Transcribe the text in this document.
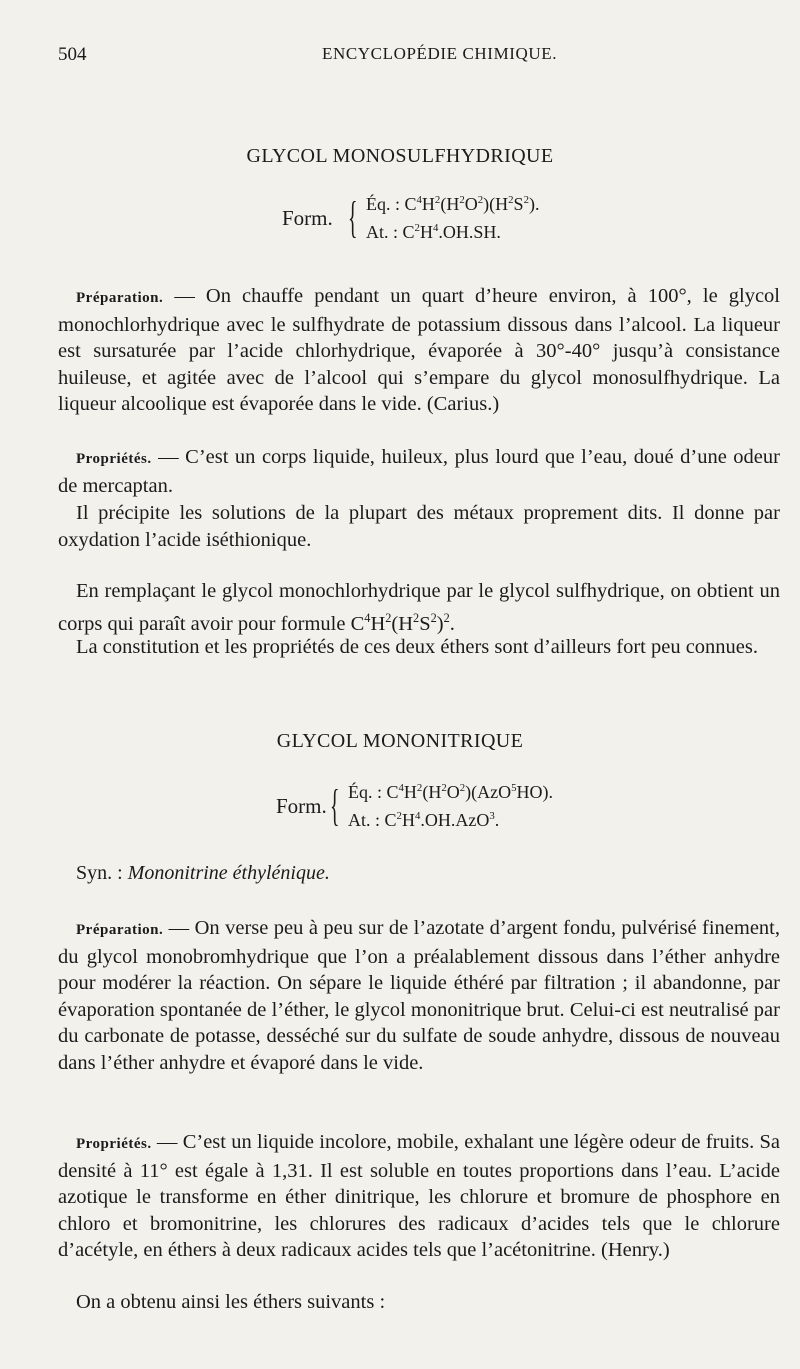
504	ENCYCLOPÉDIE CHIMIQUE.
GLYCOL MONOSULFHYDRIQUE
Form. { Éq. : $C^4H^2(H^2O^2)(H^2S^2)$.
At. : $C^2H^4.OH.SH$.

Préparation. — On chauffe pendant un quart d’heure environ, à 100°, le glycol monochlorhydrique avec le sulfhydrate de potassium dissous dans l’alcool. La liqueur est sursaturée par l’acide chlorhydrique, évaporée à 30°-40° jusqu’à consistance huileuse, et agitée avec de l’alcool qui s’empare du glycol monosulfhydrique. La liqueur alcoolique est évaporée dans le vide. (Carius.)

Propriétés. — C’est un corps liquide, huileux, plus lourd que l’eau, doué d’une odeur de mercaptan.

Il précipite les solutions de la plupart des métaux proprement dits. Il donne par oxydation l’acide iséthionique.

En remplaçant le glycol monochlorhydrique par le glycol sulfhydrique, on obtient un corps qui paraît avoir pour formule $C^4H^2(H^2S^2)^2$.

La constitution et les propriétés de ces deux éthers sont d’ailleurs fort peu connues.

GLYCOL MONONITRIQUE
Form. { Éq. : $C^4H^2(H^2O^2)(AzO^5HO)$.
At. : $C^2H^4.OH.AzO^3$.
Syn. : Mononitrine éthylénique.

Préparation. — On verse peu à peu sur de l’azotate d’argent fondu, pulvérisé finement, du glycol monobromhydrique que l’on a préalablement dissous dans l’éther anhydre pour modérer la réaction. On sépare le liquide éthéré par filtration ; il abandonne, par évaporation spontanée de l’éther, le glycol mononitrique brut. Celui-ci est neutralisé par du carbonate de potasse, desséché sur du sulfate de soude anhydre, dissous de nouveau dans l’éther anhydre et évaporé dans le vide.

Propriétés. — C’est un liquide incolore, mobile, exhalant une légère odeur de fruits. Sa densité à 11° est égale à 1,31. Il est soluble en toutes proportions dans l’eau. L’acide azotique le transforme en éther dinitrique, les chlorure et bromure de phosphore en chloro et bromonitrine, les chlorures des radicaux d’acides tels que le chlorure d’acétyle, en éthers à deux radicaux acides tels que l’acétonitrine. (Henry.)

On a obtenu ainsi les éthers suivants :
